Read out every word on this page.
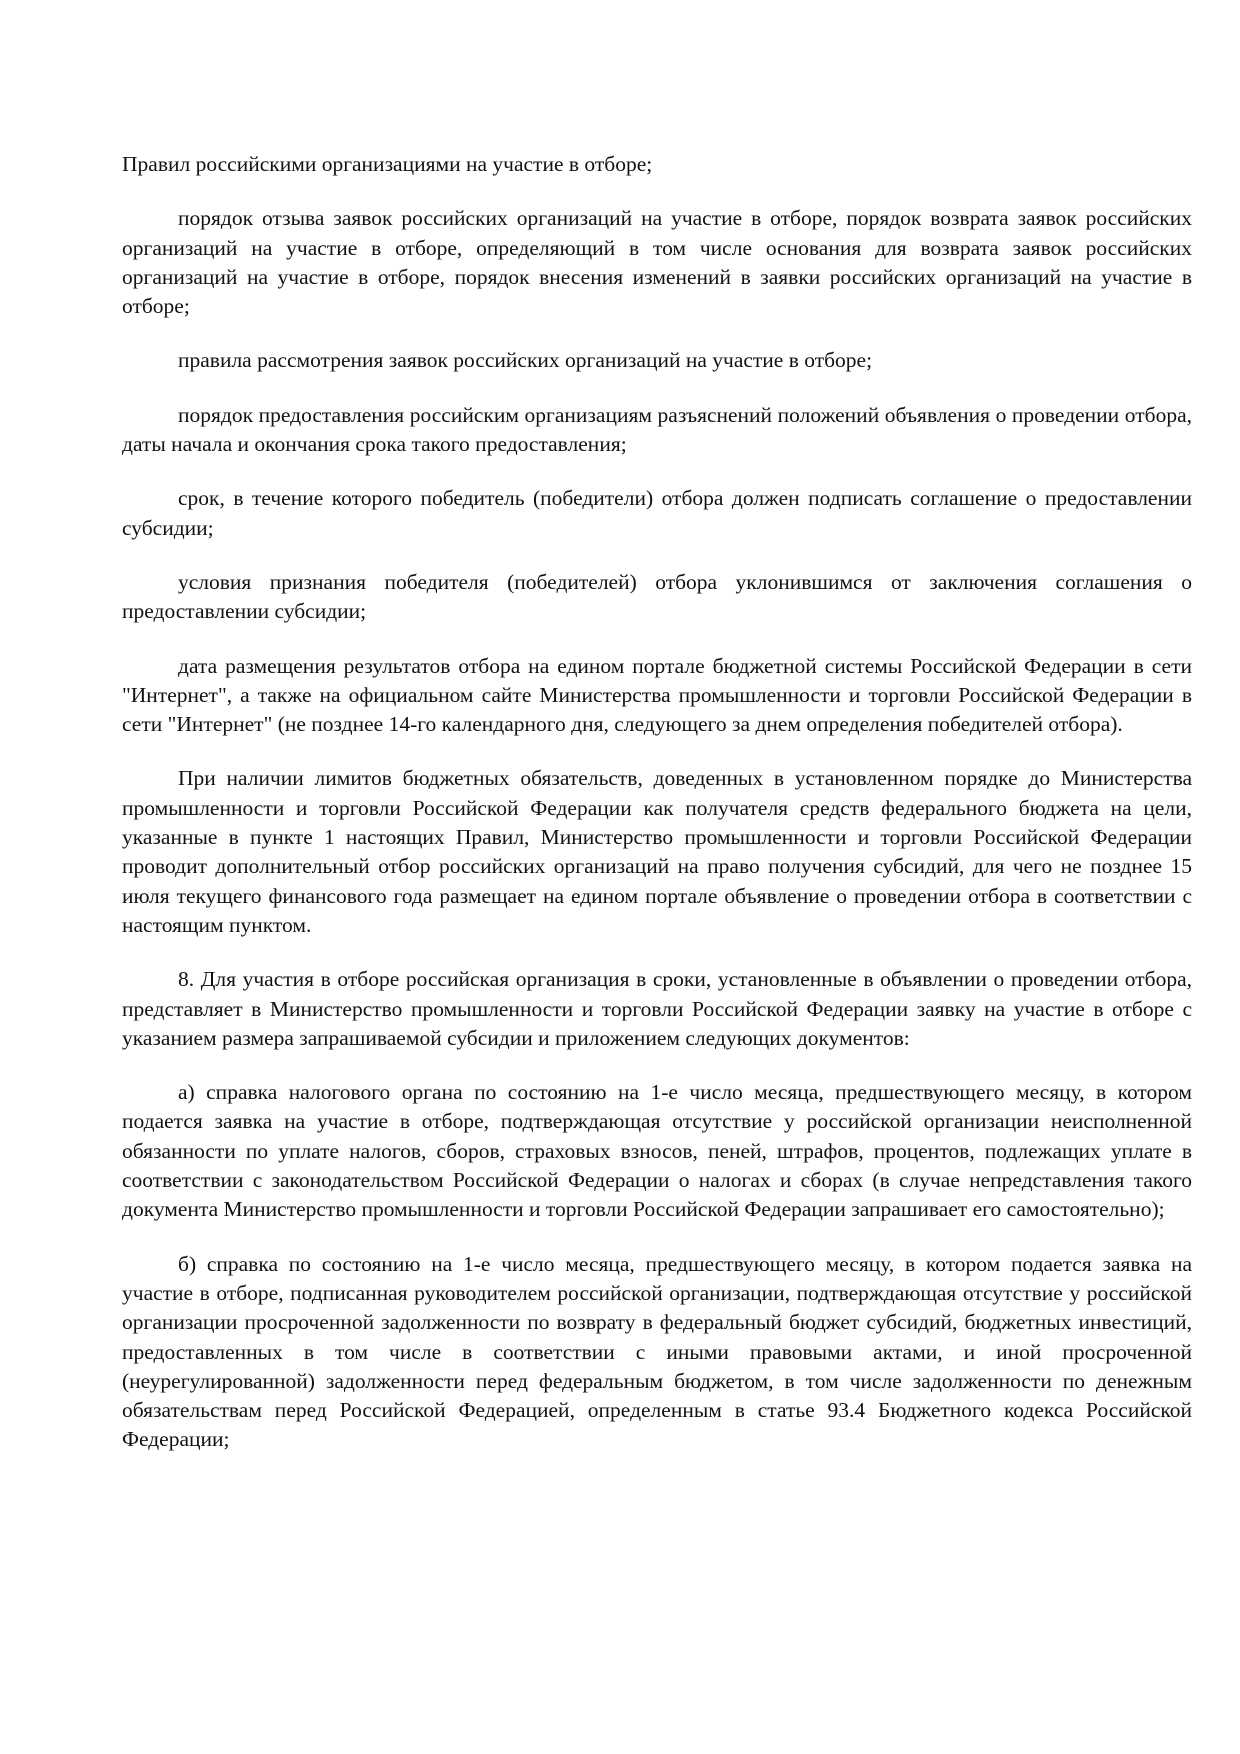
Правил российскими организациями на участие в отборе;

порядок отзыва заявок российских организаций на участие в отборе, порядок возврата заявок российских организаций на участие в отборе, определяющий в том числе основания для возврата заявок российских организаций на участие в отборе, порядок внесения изменений в заявки российских организаций на участие в отборе;

правила рассмотрения заявок российских организаций на участие в отборе;

порядок предоставления российским организациям разъяснений положений объявления о проведении отбора, даты начала и окончания срока такого предоставления;

срок, в течение которого победитель (победители) отбора должен подписать соглашение о предоставлении субсидии;

условия признания победителя (победителей) отбора уклонившимся от заключения соглашения о предоставлении субсидии;

дата размещения результатов отбора на едином портале бюджетной системы Российской Федерации в сети "Интернет", а также на официальном сайте Министерства промышленности и торговли Российской Федерации в сети "Интернет" (не позднее 14-го календарного дня, следующего за днем определения победителей отбора).

При наличии лимитов бюджетных обязательств, доведенных в установленном порядке до Министерства промышленности и торговли Российской Федерации как получателя средств федерального бюджета на цели, указанные в пункте 1 настоящих Правил, Министерство промышленности и торговли Российской Федерации проводит дополнительный отбор российских организаций на право получения субсидий, для чего не позднее 15 июля текущего финансового года размещает на едином портале объявление о проведении отбора в соответствии с настоящим пунктом.

8. Для участия в отборе российская организация в сроки, установленные в объявлении о проведении отбора, представляет в Министерство промышленности и торговли Российской Федерации заявку на участие в отборе с указанием размера запрашиваемой субсидии и приложением следующих документов:

а) справка налогового органа по состоянию на 1-е число месяца, предшествующего месяцу, в котором подается заявка на участие в отборе, подтверждающая отсутствие у российской организации неисполненной обязанности по уплате налогов, сборов, страховых взносов, пеней, штрафов, процентов, подлежащих уплате в соответствии с законодательством Российской Федерации о налогах и сборах (в случае непредставления такого документа Министерство промышленности и торговли Российской Федерации запрашивает его самостоятельно);

б) справка по состоянию на 1-е число месяца, предшествующего месяцу, в котором подается заявка на участие в отборе, подписанная руководителем российской организации, подтверждающая отсутствие у российской организации просроченной задолженности по возврату в федеральный бюджет субсидий, бюджетных инвестиций, предоставленных в том числе в соответствии с иными правовыми актами, и иной просроченной (неурегулированной) задолженности перед федеральным бюджетом, в том числе задолженности по денежным обязательствам перед Российской Федерацией, определенным в статье 93.4 Бюджетного кодекса Российской Федерации;
